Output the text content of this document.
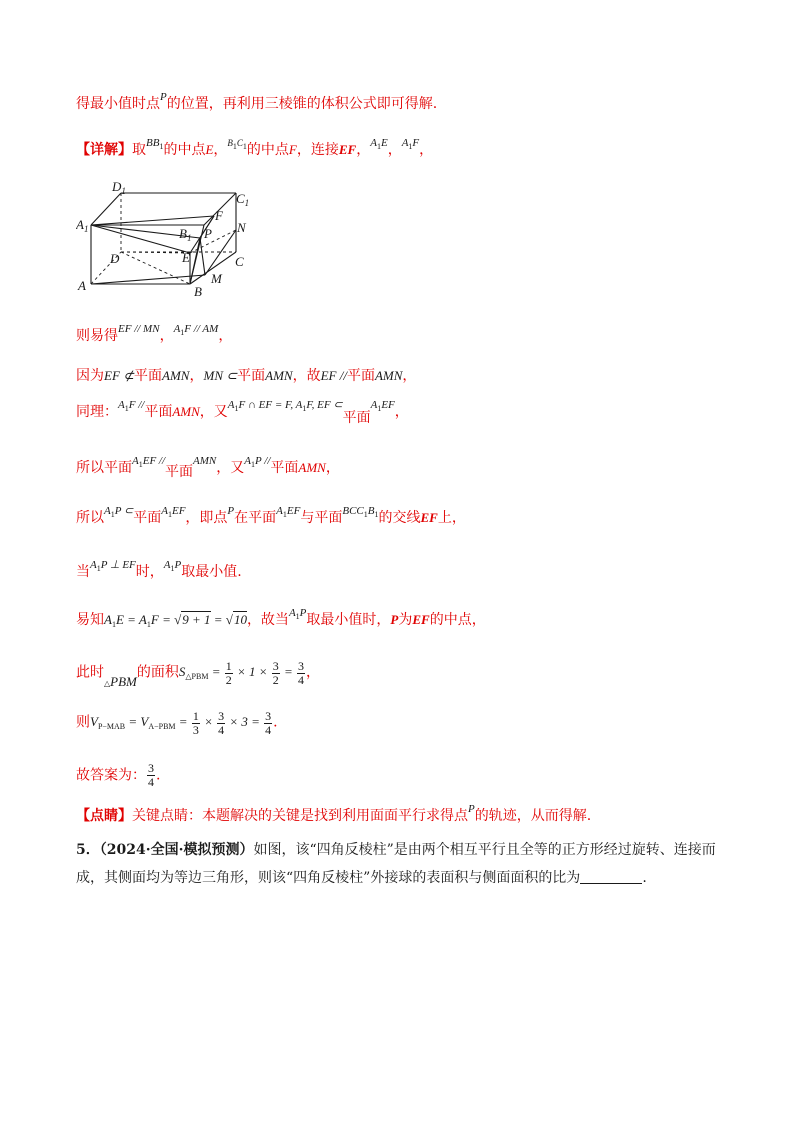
得最小值时点$^P$的位置，再利用三棱锥的体积公式即可得解.
【详解】取$^{BB_1}$的中点E，$^{B1C1}$的中点F，连接EF，$^{A_1E}$，$^{A_1F}$，
$A_1$
$D_1$	$C_1$
$B_1$
F
P N
E
D	C
A	B
M
则易得$^{EF // MN}$，$^{A_1F // AM}$，
因为EF ⊄平面AMN，MN ⊂平面AMN，故EF //平面AMN，
同理：$^{A_1F //}$平面AMN，又$^{A_1F \cap EF = F, A_1F, EF \subset}$平面$^{A_1EF}$，
所以平面$^{A_1EF //}$平面$^{AMN}$，又$^{A_1P //}$平面AMN，
所以$^{A_1P \subset}$平面$^{A_1EF}$，即点$^P$在平面$^{A_1EF}$与平面$^{BCC_1B_1}$的交线EF上，
当$^{A_1P \perp EF}$时，$^{A_1P}$取最小值.
易知$A_1E = A_1F = √9 + 1 = √10$，故当$^{A_1P}$取最小值时，P为EF的中点，
此时△PBM的面积$S_{\triangle PBM} = \frac{1}{2} \times 1 \times \frac{3}{2} = \frac{3}{4}$ ，
则$V_{P-MAB} = V_{A-PBM} = \frac{1}{3} \times \frac{3}{4} \times 3 = \frac{3}{4}$ .
故答案为： $\frac{3}{4}$ .
【点睛】关键点睛：本题解决的关键是找到利用面面平行求得点$^P$的轨迹，从而得解.
5．（2024·全国·模拟预测）如图，该“四角反棱柱”是由两个相互平行且全等的正方形经过旋转、连接而
成，其侧面均为等边三角形，则该“四角反棱柱”外接球的表面积与侧面面积的比为	.
